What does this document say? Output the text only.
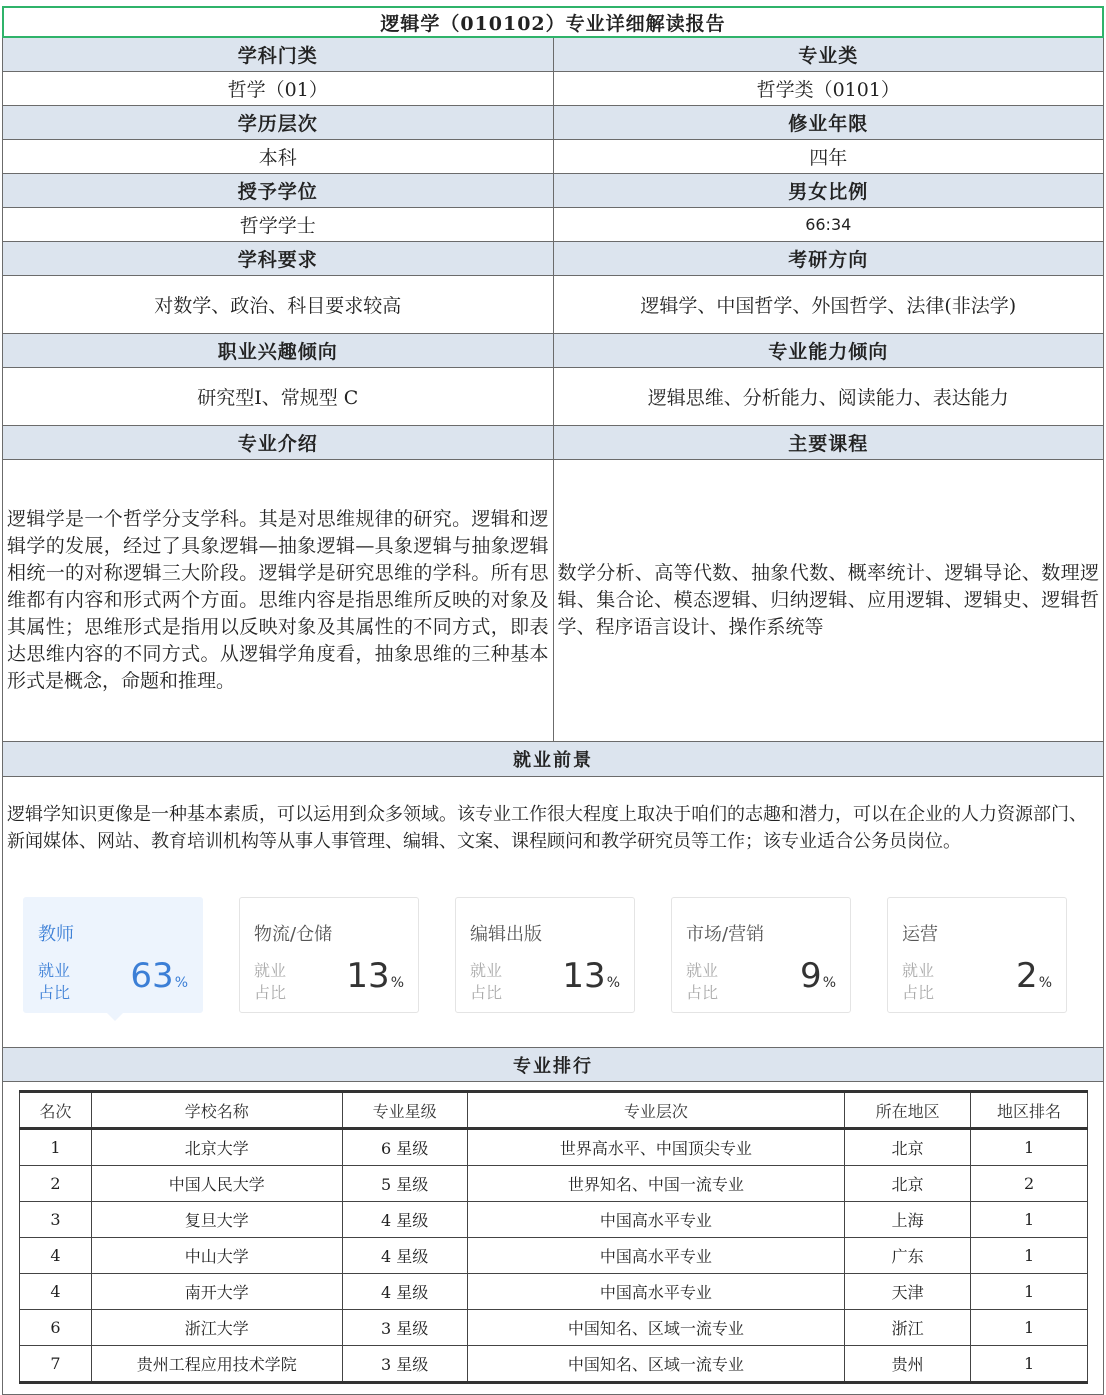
逻辑学（010102）专业详细解读报告
学科门类	专业类
哲学（01）	哲学类（0101）
学历层次	修业年限
本科	四年
授予学位	男女比例
哲学学士	66:34
学科要求	考研方向
对数学、政治、科目要求较高	逻辑学、中国哲学、外国哲学、法律(非法学)
职业兴趣倾向	专业能力倾向
研究型I、常规型 C	逻辑思维、分析能力、阅读能力、表达能力
专业介绍	主要课程
逻辑学是一个哲学分支学科。其是对思维规律的研究。逻辑和逻辑学的发展，经过了具象逻辑—抽象逻辑—具象逻辑与抽象逻辑相统一的对称逻辑三大阶段。逻辑学是研究思维的学科。所有思维都有内容和形式两个方面。思维内容是指思维所反映的对象及其属性；思维形式是指用以反映对象及其属性的不同方式，即表达思维内容的不同方式。从逻辑学角度看，抽象思维的三种基本形式是概念，命题和推理。
数学分析、高等代数、抽象代数、概率统计、逻辑导论、数理逻辑、集合论、模态逻辑、归纳逻辑、应用逻辑、逻辑史、逻辑哲学、程序语言设计、操作系统等
就业前景
逻辑学知识更像是一种基本素质，可以运用到众多领域。该专业工作很大程度上取决于咱们的志趣和潜力，可以在企业的人力资源部门、新闻媒体、网站、教育培训机构等从事人事管理、编辑、文案、课程顾问和教学研究员等工作；该专业适合公务员岗位。
教师
就业
占比 63%
物流/仓储
就业
占比 13%
编辑出版
就业
占比 13%
市场/营销
就业
占比 9%
运营
就业
占比 2%
专业排行
名次	学校名称	专业星级	专业层次	所在地区	地区排名
1	北京大学	6 星级	世界高水平、中国顶尖专业	北京	1
2	中国人民大学	5 星级	世界知名、中国一流专业	北京	2
3	复旦大学	4 星级	中国高水平专业	上海	1
4	中山大学	4 星级	中国高水平专业	广东	1
4	南开大学	4 星级	中国高水平专业	天津	1
6	浙江大学	3 星级	中国知名、区域一流专业	浙江	1
7	贵州工程应用技术学院	3 星级	中国知名、区域一流专业	贵州	1
